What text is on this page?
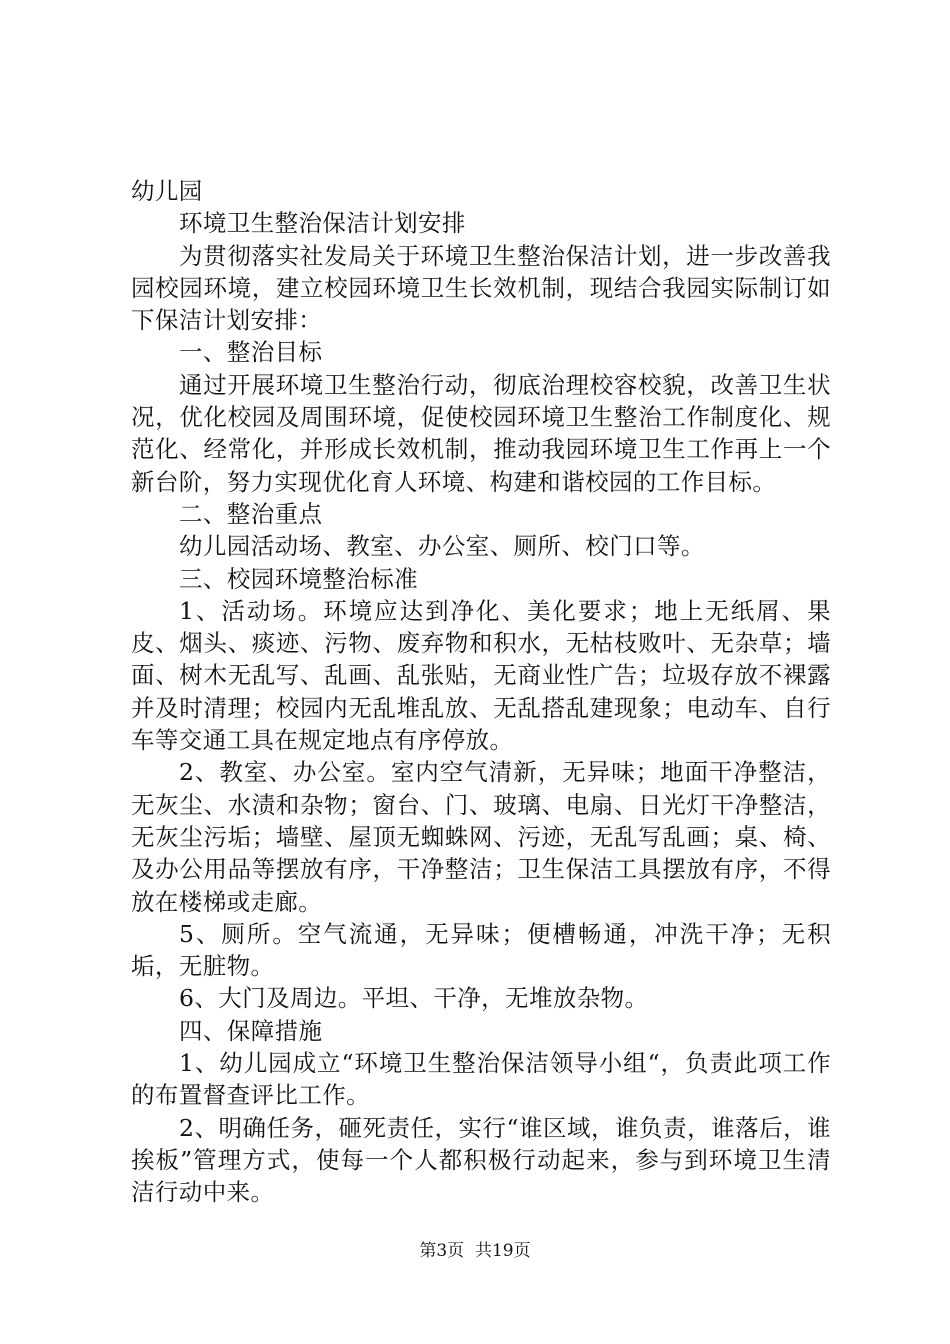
幼儿园

环境卫生整治保洁计划安排

为贯彻落实社发局关于环境卫生整治保洁计划，进一步改善我园校园环境，建立校园环境卫生长效机制，现结合我园实际制订如下保洁计划安排：

一、整治目标

通过开展环境卫生整治行动，彻底治理校容校貌，改善卫生状况，优化校园及周围环境，促使校园环境卫生整治工作制度化、规范化、经常化，并形成长效机制，推动我园环境卫生工作再上一个新台阶，努力实现优化育人环境、构建和谐校园的工作目标。

二、整治重点

幼儿园活动场、教室、办公室、厕所、校门口等。

三、校园环境整治标准

1、活动场。环境应达到净化、美化要求；地上无纸屑、果皮、烟头、痰迹、污物、废弃物和积水，无枯枝败叶、无杂草；墙面、树木无乱写、乱画、乱张贴，无商业性广告；垃圾存放不裸露并及时清理；校园内无乱堆乱放、无乱搭乱建现象；电动车、自行车等交通工具在规定地点有序停放。

2、教室、办公室。室内空气清新，无异味；地面干净整洁，无灰尘、水渍和杂物；窗台、门、玻璃、电扇、日光灯干净整洁，无灰尘污垢；墙壁、屋顶无蜘蛛网、污迹，无乱写乱画；桌、椅、及办公用品等摆放有序，干净整洁；卫生保洁工具摆放有序，不得放在楼梯或走廊。

5、厕所。空气流通，无异味；便槽畅通，冲洗干净；无积垢，无脏物。

6、大门及周边。平坦、干净，无堆放杂物。

四、保障措施

1、幼儿园成立“环境卫生整治保洁领导小组“，负责此项工作的布置督查评比工作。

2、明确任务，砸死责任，实行“谁区域，谁负责，谁落后，谁挨板”管理方式，使每一个人都积极行动起来，参与到环境卫生清洁行动中来。

第3页  共19页
